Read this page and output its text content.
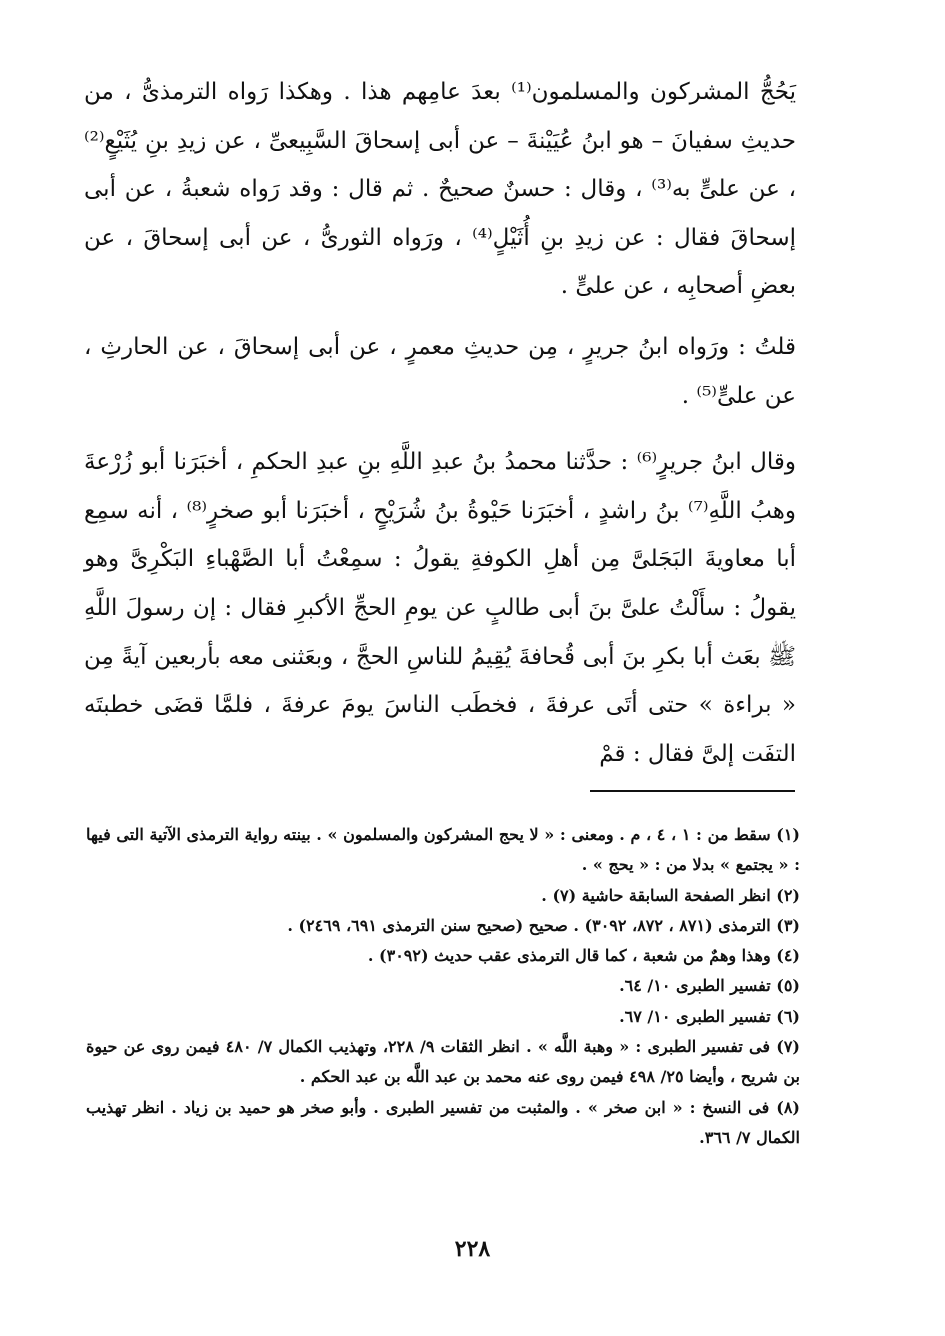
يَحُجُّ المشركون والمسلمون⁽¹⁾ بعدَ عامِهم هذا . وهكذا رَواه الترمذىُّ ، من حديثِ سفيانَ – هو ابنُ عُيَيْنةَ – عن أبى إسحاقَ السَّبِيعىِّ ، عن زيدِ بنِ يُثَيْعٍ⁽²⁾ ، عن علىٍّ به⁽³⁾ ، وقال : حسنٌ صحيحٌ . ثم قال : وقد رَواه شعبةُ ، عن أبى إسحاقَ فقال : عن زيدِ بنِ أُثَيْلٍ⁽⁴⁾ ، ورَواه الثورىُّ ، عن أبى إسحاقَ ، عن بعضِ أصحابِه ، عن علىٍّ .

قلتُ : ورَواه ابنُ جريرٍ ، مِن حديثِ معمرٍ ، عن أبى إسحاقَ ، عن الحارثِ ، عن علىٍّ⁽⁵⁾ .

وقال ابنُ جريرٍ⁽⁶⁾ : حدَّثنا محمدُ بنُ عبدِ اللَّهِ بنِ عبدِ الحكمِ ، أخبَرَنا أبو زُرْعةَ وهبُ اللَّهِ⁽⁷⁾ بنُ راشدٍ ، أخبَرَنا حَيْوةُ بنُ شُرَيْحٍ ، أخبَرَنا أبو صخرٍ⁽⁸⁾ ، أنه سمِع أبا معاويةَ البَجَلىَّ مِن أهلِ الكوفةِ يقولُ : سمِعْتُ أبا الصَّهْباءِ البَكْرِىَّ وهو يقولُ : سأَلْتُ علىَّ بنَ أبى طالبٍ عن يومِ الحجِّ الأكبرِ فقال : إن رسولَ اللَّهِ ﷺ بعَث أبا بكرِ بنَ أبى قُحافةَ يُقِيمُ للناسِ الحجَّ ، وبعَثنى معه بأربعين آيةً مِن « براءة » حتى أتَى عرفةَ ، فخطَب الناسَ يومَ عرفةَ ، فلمَّا قضَى خطبتَه التفَت إلىَّ فقال : قمْ

(١) سقط من : ١ ، ٤ ، م . ومعنى : « لا يحج المشركون والمسلمون » . بينته رواية الترمذى الآتية التى فيها : « يجتمع » بدلا من : « يحج » .

(٢) انظر الصفحة السابقة حاشية (٧) .

(٣) الترمذى (٨٧١ ، ٨٧٢، ٣٠٩٢) . صحيح (صحيح سنن الترمذى ٦٩١، ٢٤٦٩) .

(٤) وهذا وهمٌ من شعبة ، كما قال الترمذى عقب حديث (٣٠٩٢) .

(٥) تفسير الطبرى ١٠/ ٦٤.

(٦) تفسير الطبرى ١٠/ ٦٧.

(٧) فى تفسير الطبرى : « وهبة اللَّه » . انظر الثقات ٩/ ٢٢٨، وتهذيب الكمال ٧/ ٤٨٠ فيمن روى عن حيوة بن شريح ، وأيضا ٢٥/ ٤٩٨ فيمن روى عنه محمد بن عبد اللَّه بن عبد الحكم .

(٨) فى النسخ : « ابن صخر » . والمثبت من تفسير الطبرى . وأبو صخر هو حميد بن زياد . انظر تهذيب الكمال ٧/ ٣٦٦.

٢٢٨
